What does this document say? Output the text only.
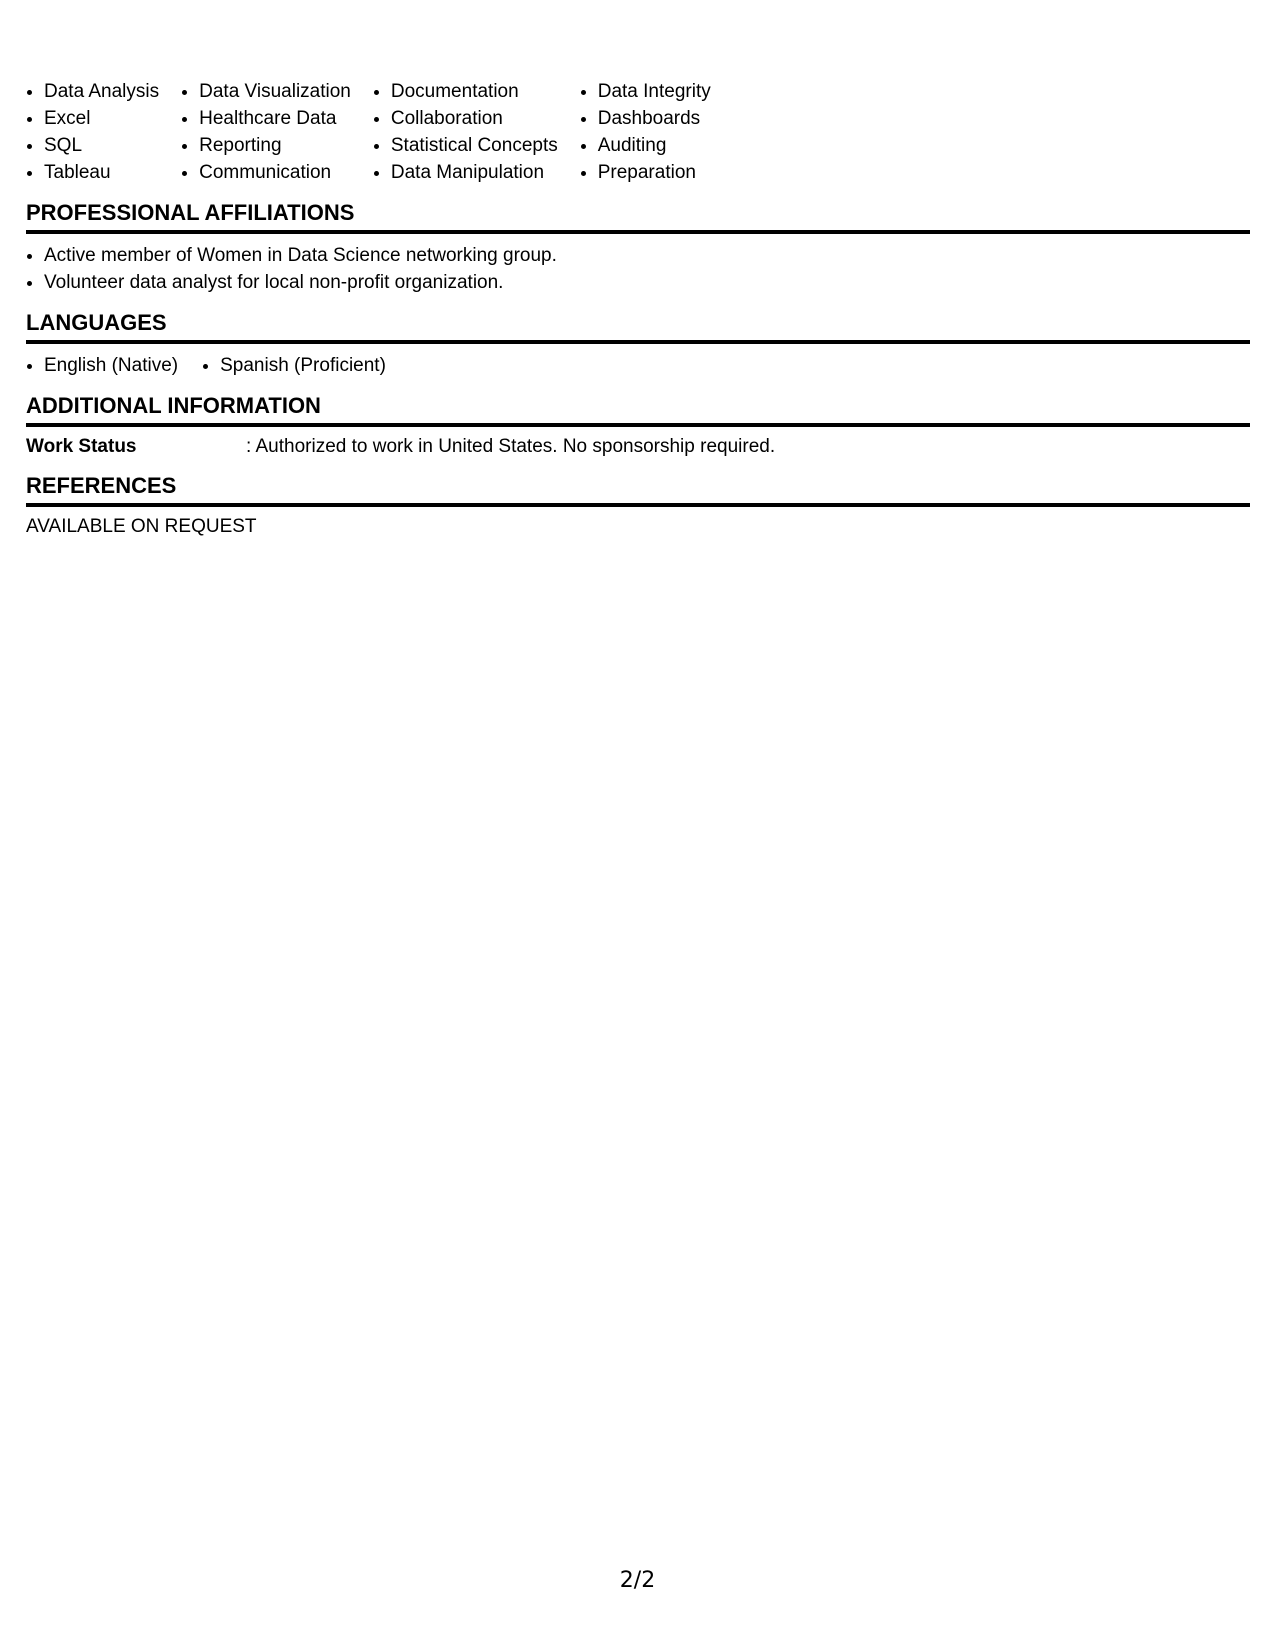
• Data Analysis
• Excel
• SQL
• Tableau
• Data Visualization
• Healthcare Data
• Reporting
• Communication
• Documentation
• Collaboration
• Statistical Concepts
• Data Manipulation
• Data Integrity
• Dashboards
• Auditing
• Preparation
PROFESSIONAL AFFILIATIONS
• Active member of Women in Data Science networking group.
• Volunteer data analyst for local non-profit organization.
LANGUAGES
• English (Native)
• Spanish (Proficient)
ADDITIONAL INFORMATION
Work Status	: Authorized to work in United States. No sponsorship required.
REFERENCES
AVAILABLE ON REQUEST
2/2
